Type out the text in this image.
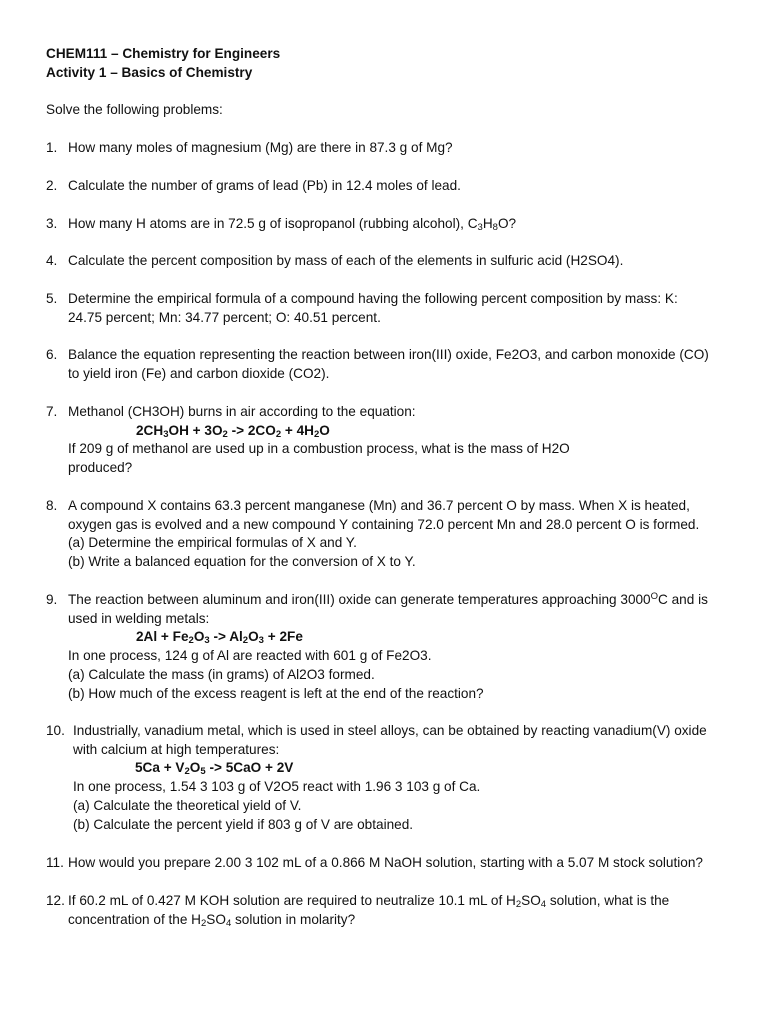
CHEM111 – Chemistry for Engineers
Activity 1 – Basics of Chemistry
Solve the following problems:
1. How many moles of magnesium (Mg) are there in 87.3 g of Mg?
2. Calculate the number of grams of lead (Pb) in 12.4 moles of lead.
3. How many H atoms are in 72.5 g of isopropanol (rubbing alcohol), $C_3H_8O$?
4. Calculate the percent composition by mass of each of the elements in sulfuric acid (H2SO4).
5. Determine the empirical formula of a compound having the following percent composition by mass: K:
24.75 percent; Mn: 34.77 percent; O: 40.51 percent.
6. Balance the equation representing the reaction between iron(III) oxide, Fe2O3, and carbon monoxide (CO)
to yield iron (Fe) and carbon dioxide (CO2).
7. Methanol (CH3OH) burns in air according to the equation:
$2CH_3OH + 3O_2 -> 2CO_2 + 4H_2O$
If 209 g of methanol are used up in a combustion process, what is the mass of H2O
produced?
8. A compound X contains 63.3 percent manganese (Mn) and 36.7 percent O by mass. When X is heated,
oxygen gas is evolved and a new compound Y containing 72.0 percent Mn and 28.0 percent O is formed.
(a) Determine the empirical formulas of X and Y.
(b) Write a balanced equation for the conversion of X to Y.
9. The reaction between aluminum and iron(III) oxide can generate temperatures approaching $3000^OC$ and is
used in welding metals:
$2Al + Fe_2O_3 -> Al_2O_3 + 2Fe$
In one process, 124 g of Al are reacted with 601 g of Fe2O3.
(a) Calculate the mass (in grams) of Al2O3 formed.
(b) How much of the excess reagent is left at the end of the reaction?
10. Industrially, vanadium metal, which is used in steel alloys, can be obtained by reacting vanadium(V) oxide
with calcium at high temperatures:
$5Ca + V_2O_5 -> 5CaO + 2V$
In one process, 1.54 3 103 g of V2O5 react with 1.96 3 103 g of Ca.
(a) Calculate the theoretical yield of V.
(b) Calculate the percent yield if 803 g of V are obtained.
11. How would you prepare 2.00 3 102 mL of a 0.866 M NaOH solution, starting with a 5.07 M stock solution?
12. If 60.2 mL of 0.427 M KOH solution are required to neutralize 10.1 mL of $H_2SO_4$ solution, what is the
concentration of the $H_2SO_4$ solution in molarity?
